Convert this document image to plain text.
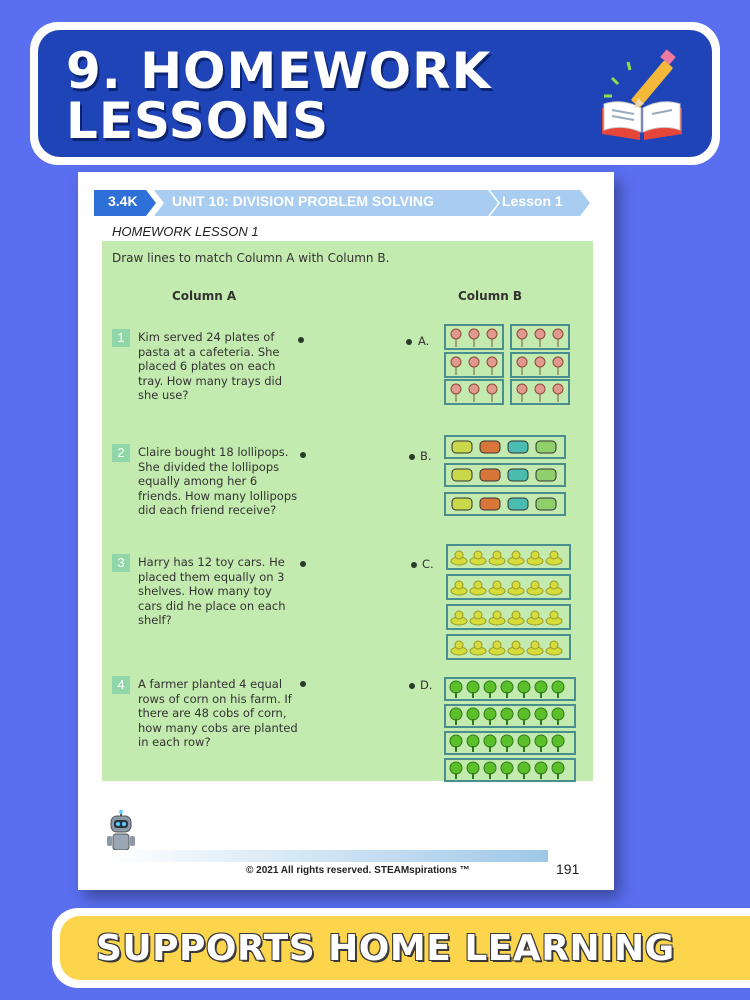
9. HOMEWORK
LESSONS
3.4K UNIT 10: DIVISION PROBLEM SOLVING	Lesson 1
HOMEWORK LESSON 1
Draw lines to match Column A with Column B.
Column A	Column B
1	Kim served 24 plates of pasta at a cafeteria. She placed 6 plates on each tray. How many trays did she use?
2	Claire bought 18 lollipops. She divided the lollipops equally among her 6 friends. How many lollipops did each friend receive?
3	Harry has 12 toy cars. He placed them equally on 3 shelves. How many toy cars did he place on each shelf?
4	A farmer planted 4 equal rows of corn on his farm. If there are 48 cobs of corn, how many cobs are planted in each row?
A.
B.
C.
D.
© 2021 All rights reserved. STEAMspirations ™	191
SUPPORTS HOME LEARNING
